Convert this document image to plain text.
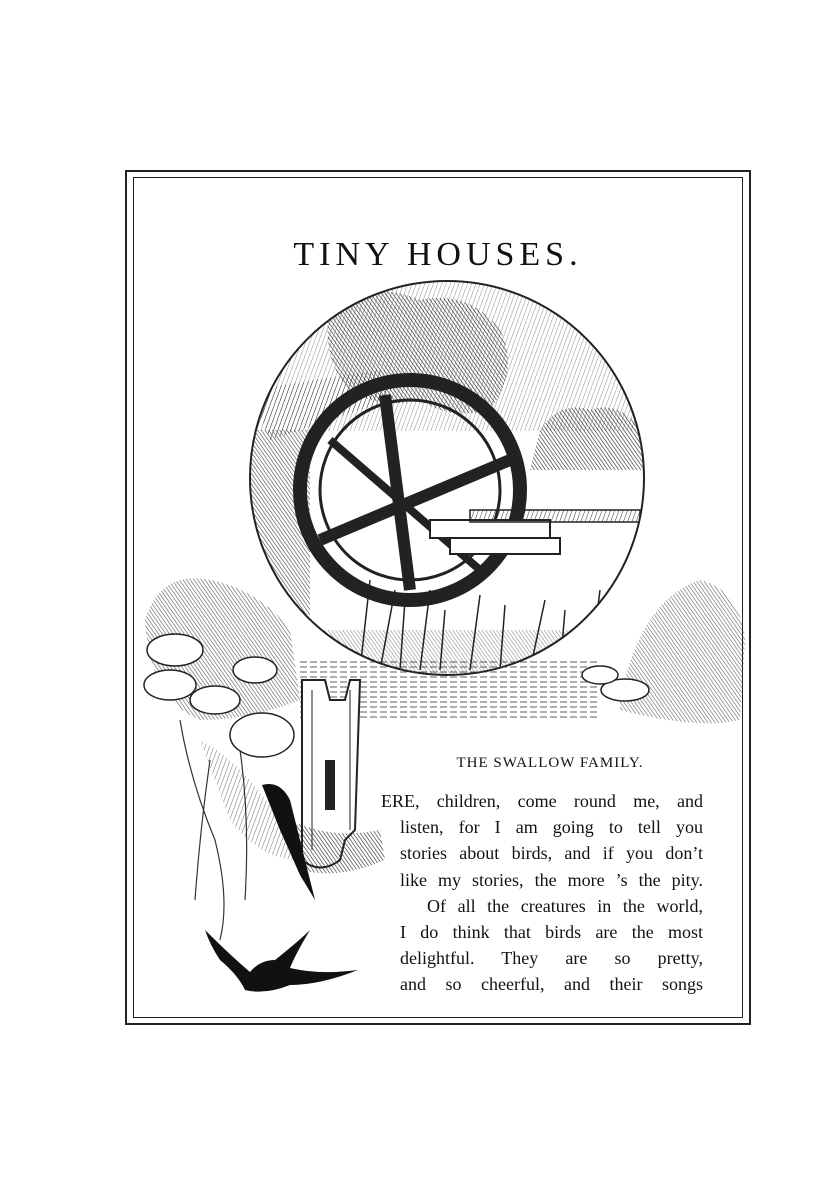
TINY HOUSES.
THE SWALLOW FAMILY.
ERE, children, come round me, and
listen, for I am going to tell you
stories about birds, and if you don’t
like my stories, the more ’s the pity.
Of all the creatures in the world,
I do think that birds are the most
delightful. They are so pretty,
and so cheerful, and their songs
